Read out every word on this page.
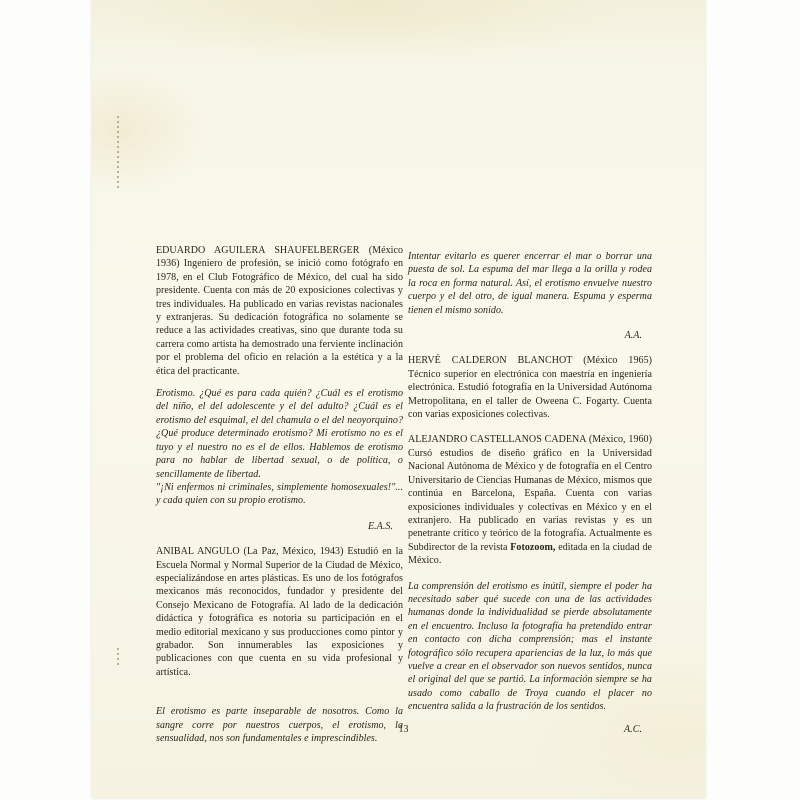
EDUARDO AGUILERA SHAUFELBERGER (México 1936) Ingeniero de profesión, se inició como fotógrafo en 1978, en el Club Fotográfico de México, del cual ha sido presidente. Cuenta con más de 20 exposiciones colectivas y tres individuales. Ha publicado en varias revistas nacionales y extranjeras. Su dedicación fotográfica no solamente se reduce a las actividades creativas, sino que durante toda su carrera como artista ha demostrado una ferviente inclinación por el problema del oficio en relación a la estética y a la ética del practicante.

Erotismo. ¿Qué es para cada quién? ¿Cuál es el erotismo del niño, el del adolescente y el del adulto? ¿Cuál es el erotismo del esquimal, el del chamula o el del neoyorquino? ¿Qué produce determinado erotismo? Mi erotismo no es el tuyo y el nuestro no es el de ellos. Hablemos de erotismo para no hablar de libertad sexual, o de política, o sencillamente de libertad.

"¡Ni enfermos ni criminales, simplemente homosexuales!"... y cada quien con su propio erotismo.

E.A.S.

ANIBAL ANGULO (La Paz, México, 1943) Estudió en la Escuela Normal y Normal Superior de la Ciudad de México, especializándose en artes plásticas. Es uno de los fotógrafos mexicanos más reconocidos, fundador y presidente del Consejo Mexicano de Fotografía. Al lado de la dedicación didáctica y fotográfica es notoria su participación en el medio editorial mexicano y sus producciones como pintor y grabador. Son innumerables las exposiciones y publicaciones con que cuenta en su vida profesional y artística.

El erotismo es parte inseparable de nosotros. Como la sangre corre por nuestros cuerpos, el erotismo, la sensualidad, nos son fundamentales e imprescindibles.

Intentar evitarlo es querer encerrar el mar o borrar una puesta de sol. La espuma del mar llega a la orilla y rodea la roca en forma natural. Así, el erotismo envuelve nuestro cuerpo y el del otro, de igual manera. Espuma y esperma tienen el mismo sonido.

A.A.

HERVÉ CALDERON BLANCHOT (México 1965) Técnico superior en electrónica con maestría en ingeniería electrónica. Estudió fotografía en la Universidad Autónoma Metropolitana, en el taller de Oweena C. Fogarty. Cuenta con varias exposiciones colectivas.

ALEJANDRO CASTELLANOS CADENA (México, 1960) Cursó estudios de diseño gráfico en la Universidad Nacional Autónoma de México y de fotografía en el Centro Universitario de Ciencias Humanas de México, mismos que continúa en Barcelona, España. Cuenta con varias exposiciones individuales y colectivas en México y en el extranjero. Ha publicado en varias revistas y es un penetrante crítico y teórico de la fotografía. Actualmente es Subdirector de la revista Fotozoom, editada en la ciudad de México.

La comprensión del erotismo es inútil, siempre el poder ha necesitado saber qué sucede con una de las actividades humanas donde la individualidad se pierde absolutamente en el encuentro. Incluso la fotografía ha pretendido entrar en contacto con dicha comprensión; mas el instante fotográfico sólo recupera apariencias de la luz, lo más que vuelve a crear en el observador son nuevos sentidos, nunca el original del que se partió. La información siempre se ha usado como caballo de Troya cuando el placer no encuentra salida a la frustración de los sentidos.

A.C.

13
